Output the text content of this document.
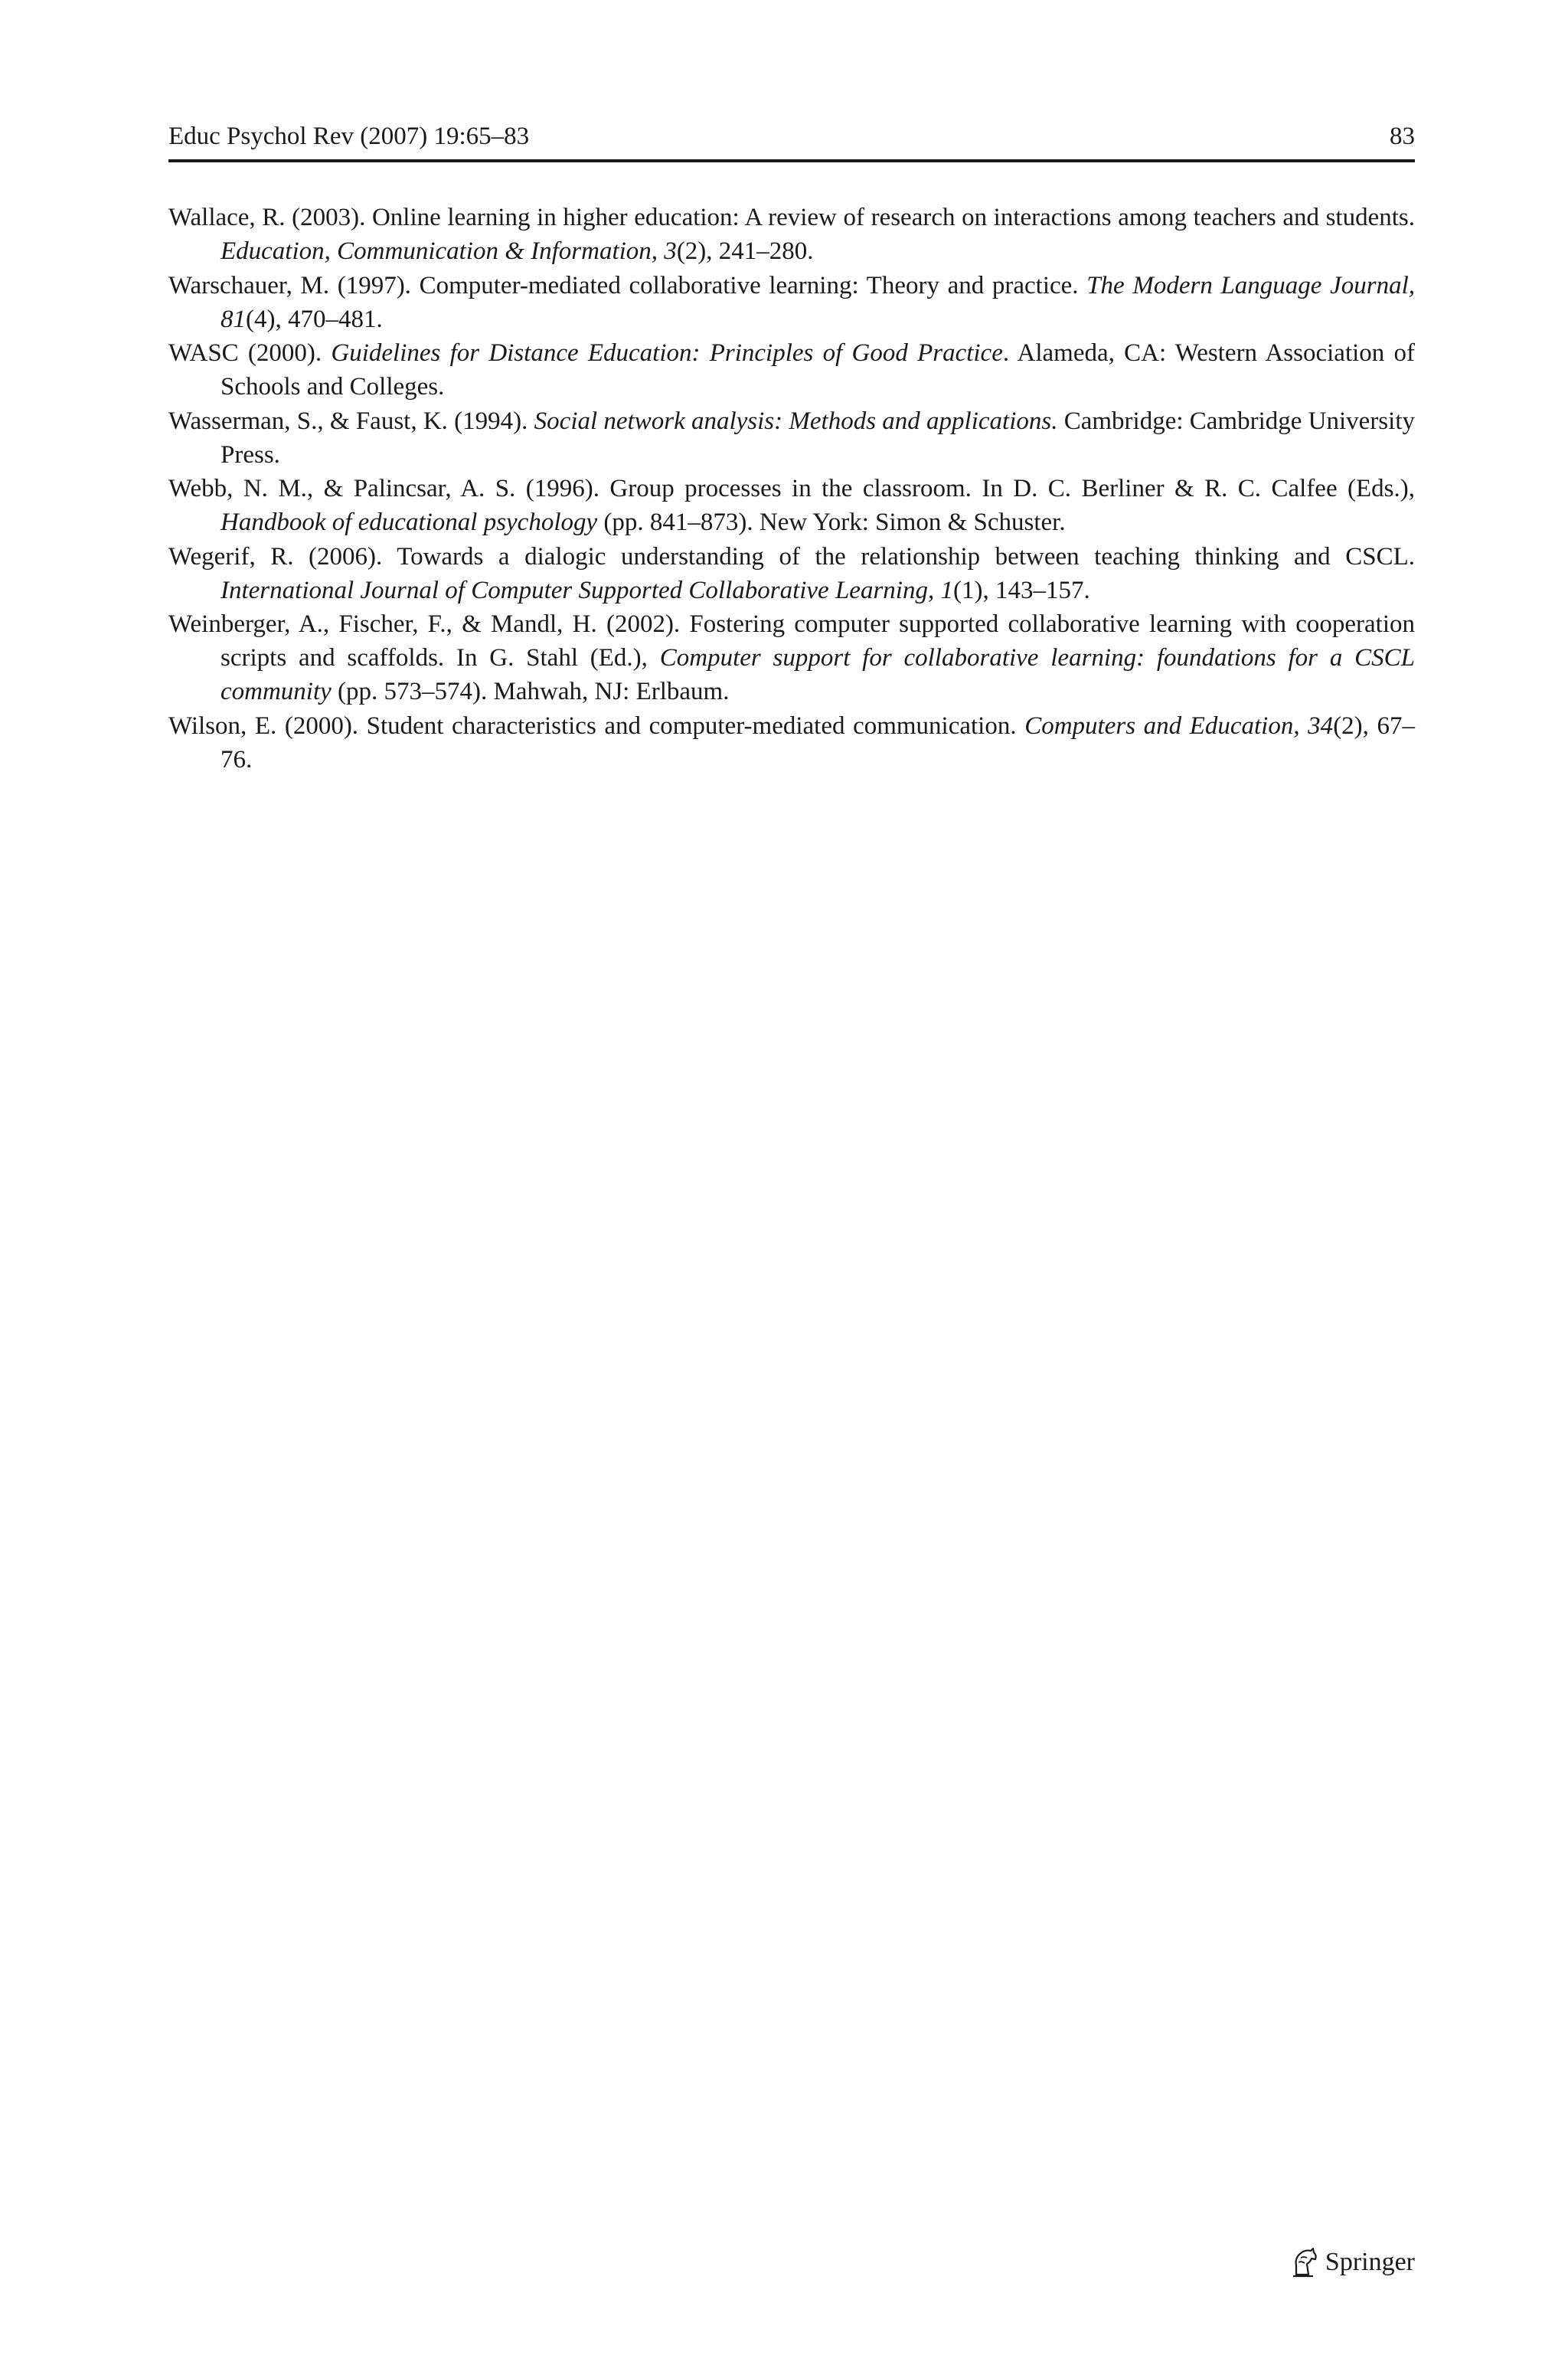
Educ Psychol Rev (2007) 19:65–83	83
Wallace, R. (2003). Online learning in higher education: A review of research on interactions among teachers and students. Education, Communication & Information, 3(2), 241–280.
Warschauer, M. (1997). Computer-mediated collaborative learning: Theory and practice. The Modern Language Journal, 81(4), 470–481.
WASC (2000). Guidelines for Distance Education: Principles of Good Practice. Alameda, CA: Western Association of Schools and Colleges.
Wasserman, S., & Faust, K. (1994). Social network analysis: Methods and applications. Cambridge: Cambridge University Press.
Webb, N. M., & Palincsar, A. S. (1996). Group processes in the classroom. In D. C. Berliner & R. C. Calfee (Eds.), Handbook of educational psychology (pp. 841–873). New York: Simon & Schuster.
Wegerif, R. (2006). Towards a dialogic understanding of the relationship between teaching thinking and CSCL. International Journal of Computer Supported Collaborative Learning, 1(1), 143–157.
Weinberger, A., Fischer, F., & Mandl, H. (2002). Fostering computer supported collaborative learning with cooperation scripts and scaffolds. In G. Stahl (Ed.), Computer support for collaborative learning: foundations for a CSCL community (pp. 573–574). Mahwah, NJ: Erlbaum.
Wilson, E. (2000). Student characteristics and computer-mediated communication. Computers and Education, 34(2), 67–76.
Springer
